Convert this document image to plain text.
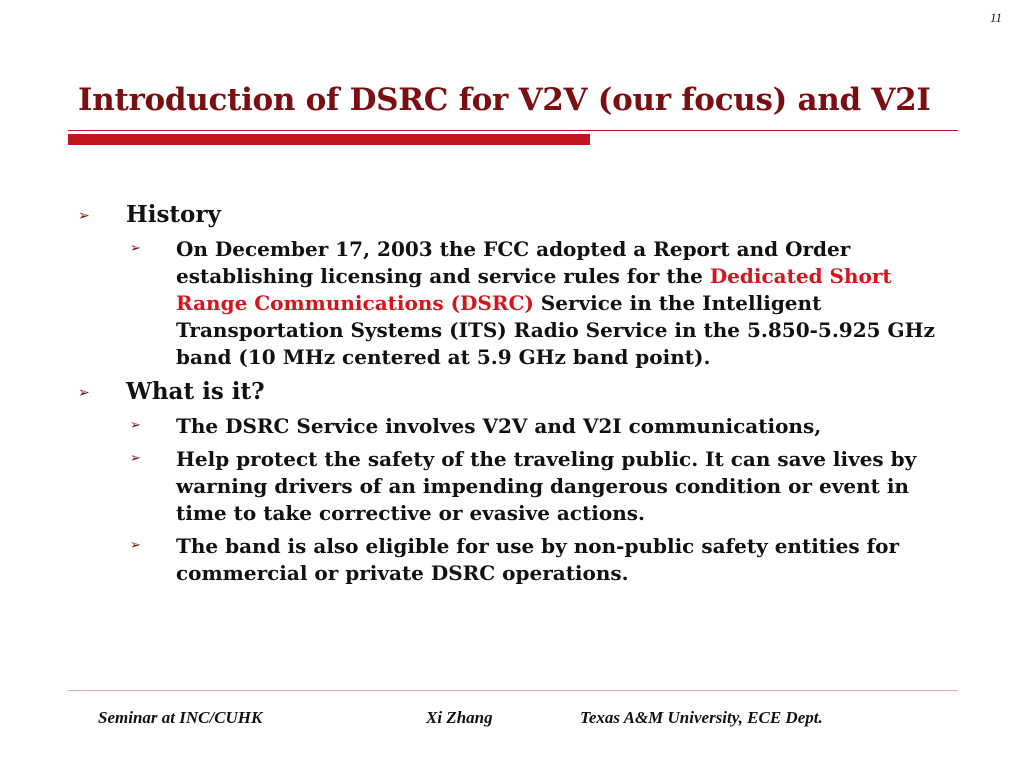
11
Introduction of DSRC for V2V (our focus) and V2I
➢ History
➢ On December 17, 2003 the FCC adopted a Report and Order establishing licensing and service rules for the Dedicated Short Range Communications (DSRC) Service in the Intelligent Transportation Systems (ITS) Radio Service in the 5.850-5.925 GHz band (10 MHz centered at 5.9 GHz band point).
➢ What is it?
➢ The DSRC Service involves V2V and V2I communications,
➢ Help protect the safety of the traveling public. It can save lives by warning drivers of an impending dangerous condition or event in time to take corrective or evasive actions.
➢ The band is also eligible for use by non-public safety entities for commercial or private DSRC operations.
Seminar at INC/CUHK	Xi Zhang	Texas A&M University, ECE Dept.
